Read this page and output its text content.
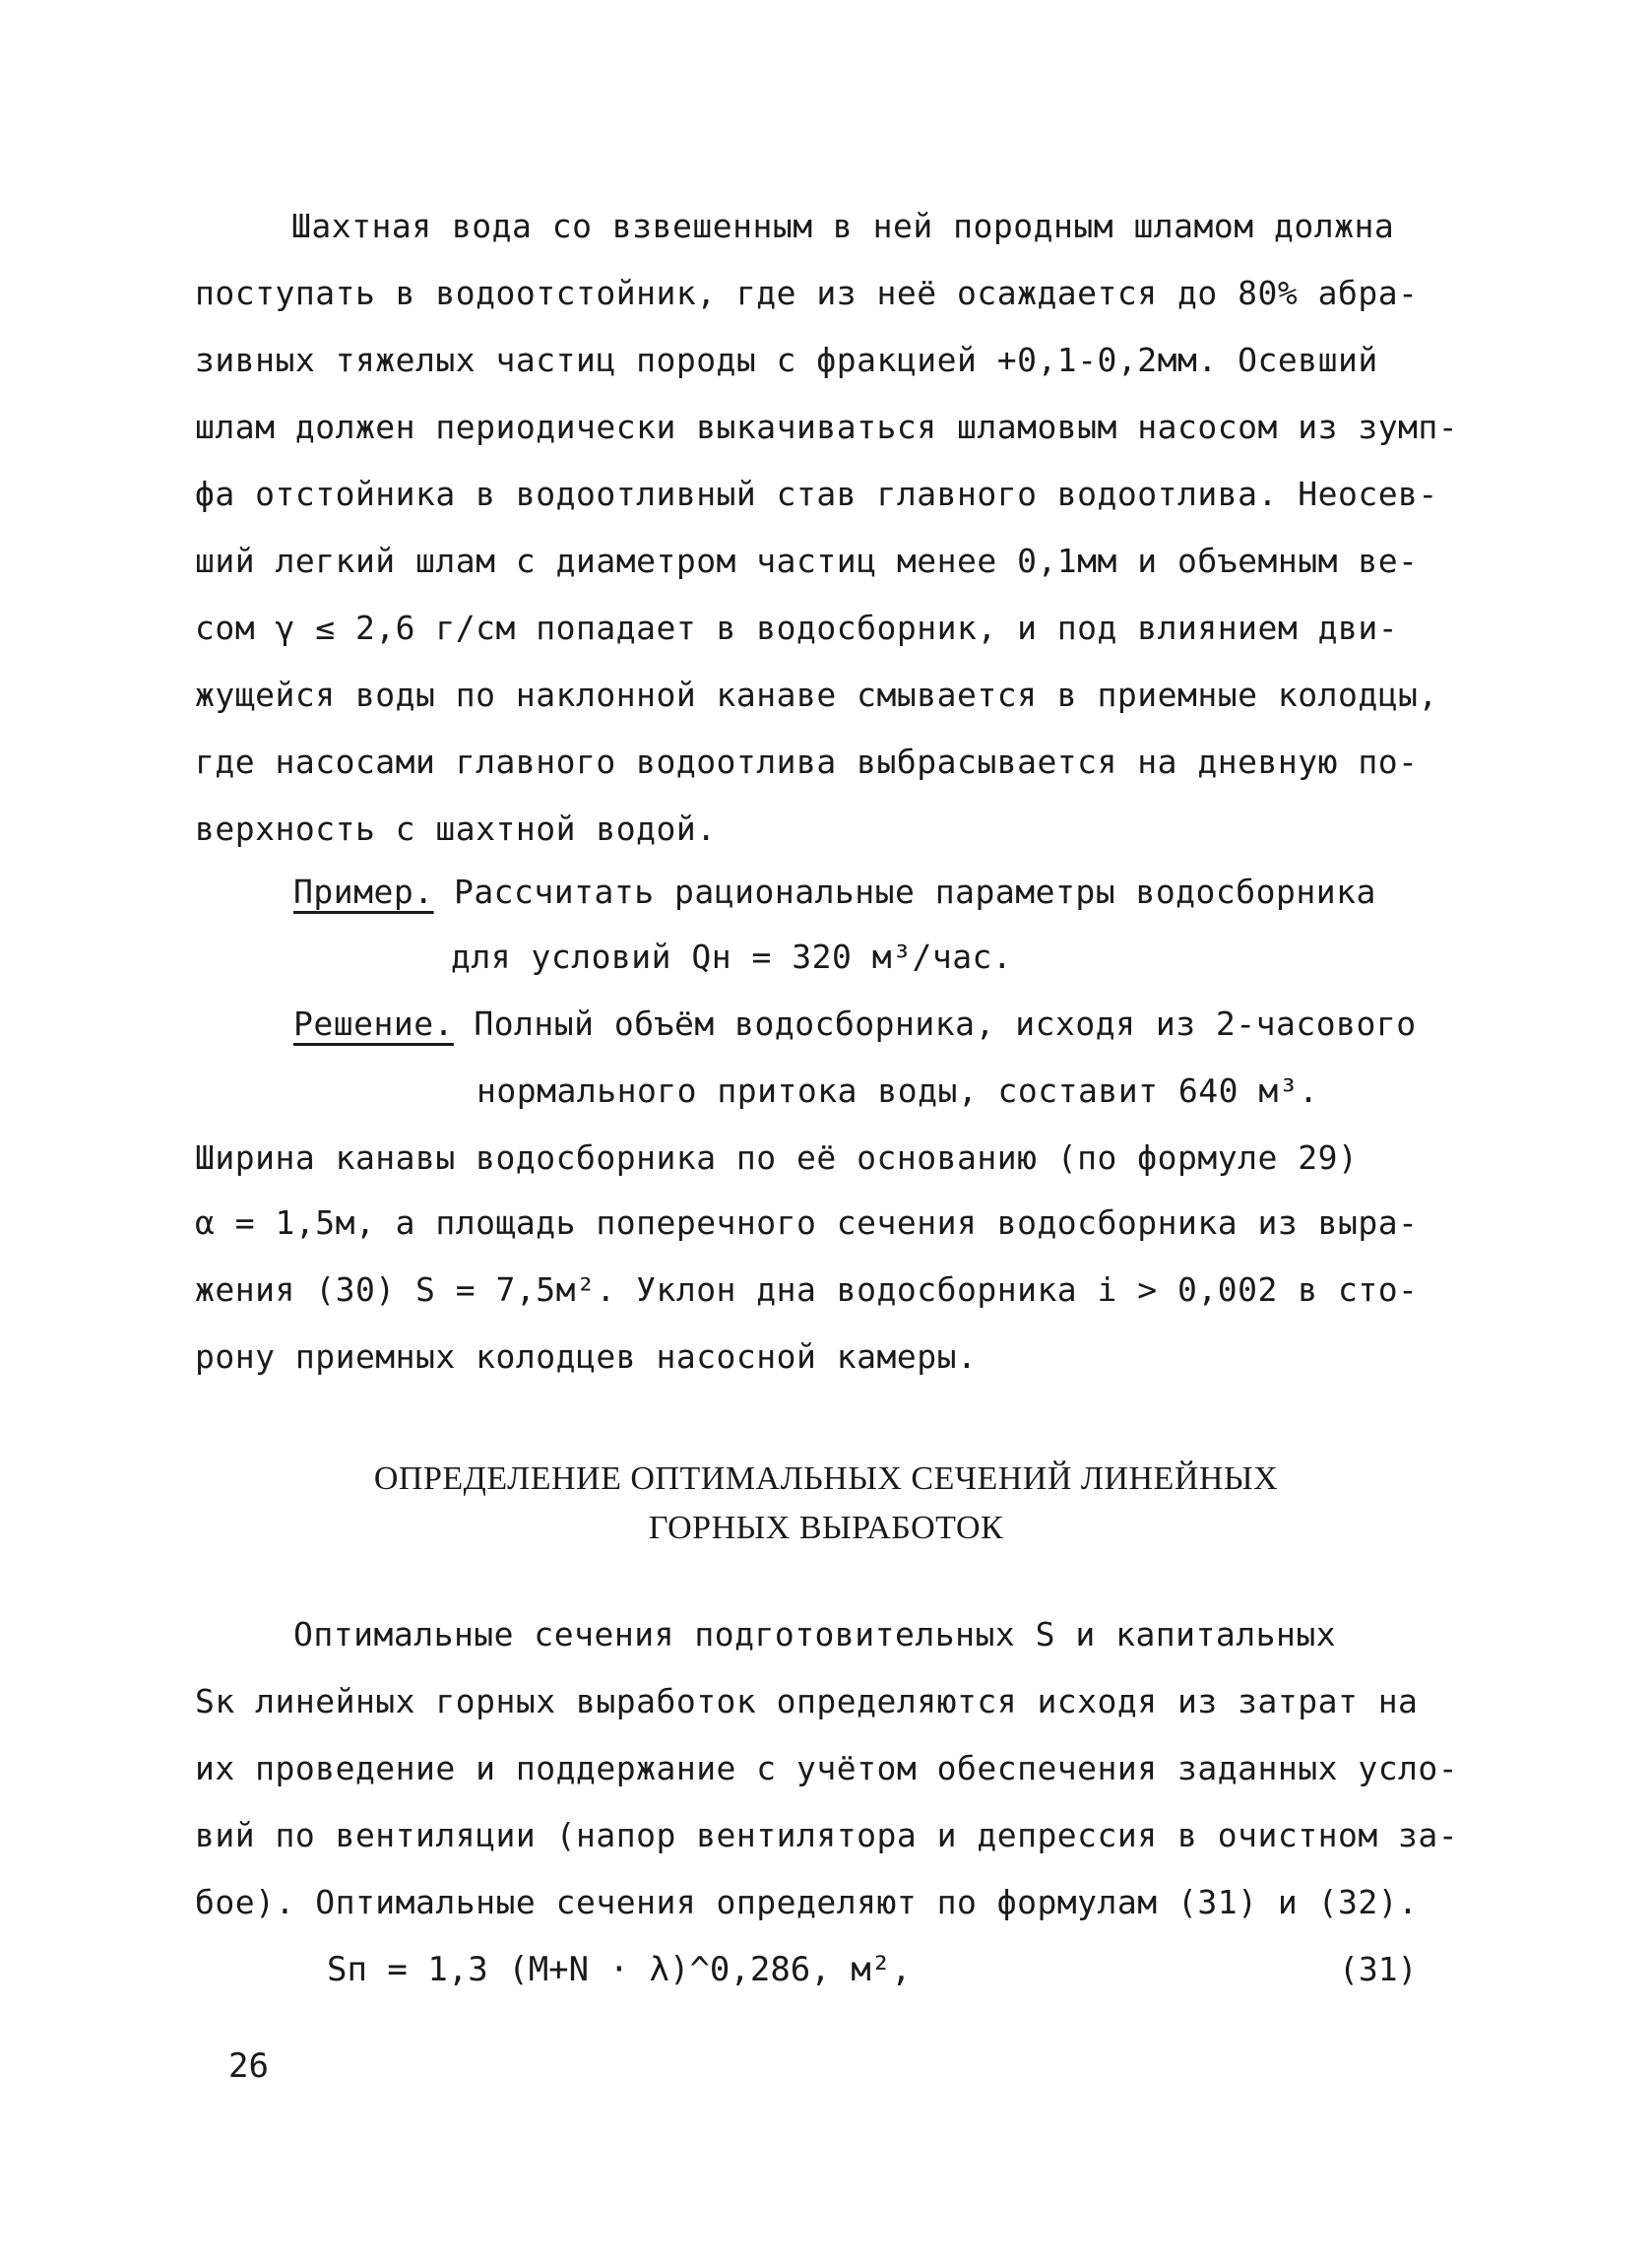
Шахтная вода со взвешенным в ней породным шламом должна
поступать в водоотстойник, где из неё осаждается до 80% абра-
зивных тяжелых частиц породы с фракцией +0,1-0,2мм. Осевший
шлам должен периодически выкачиваться шламовым насоcом из зумп-
фа отстойника в водоотливный став главного водоотлива. Неосев-
ший легкий шлам с диаметром частиц менее 0,1мм и объемным ве-
сом γ ≤ 2,6 г/см попадает в водосборник, и под влиянием дви-
жущейся воды по наклонной канаве смывается в приемные колодцы,
где насосами главного водоотлива выбрасывается на дневную по-
верхность с шахтной водой.
Пример. Рассчитать рациональные параметры водосборника
для условий Qн = 320 м³/час.
Решение. Полный объём водосборника, исходя из 2-часового
нормального притока воды, составит 640 м³.
Ширина канавы водосборника по её основанию (по формуле 29)
α = 1,5м, а площадь поперечного сечения водосборника из выра-
жения (30) S = 7,5м². Уклон дна водосборника i > 0,002 в сто-
рону приемных колодцев насосной камеры.
ОПРЕДЕЛЕНИЕ ОПТИМАЛЬНЫХ СЕЧЕНИЙ ЛИНЕЙНЫХ
ГОРНЫХ ВЫРАБОТОК
Оптимальные сечения подготовительных S и капитальных
Sк линейных горных выработок определяются исходя из затрат на
их проведение и поддержание с учётом обеспечения заданных усло-
вий по вентиляции (напор вентилятора и депрессия в очистном за-
бое). Оптимальные сечения определяют по формулам (31) и (32).
Sп = 1,3 (M+N · λ)^0,286, м²,	(31)
26
